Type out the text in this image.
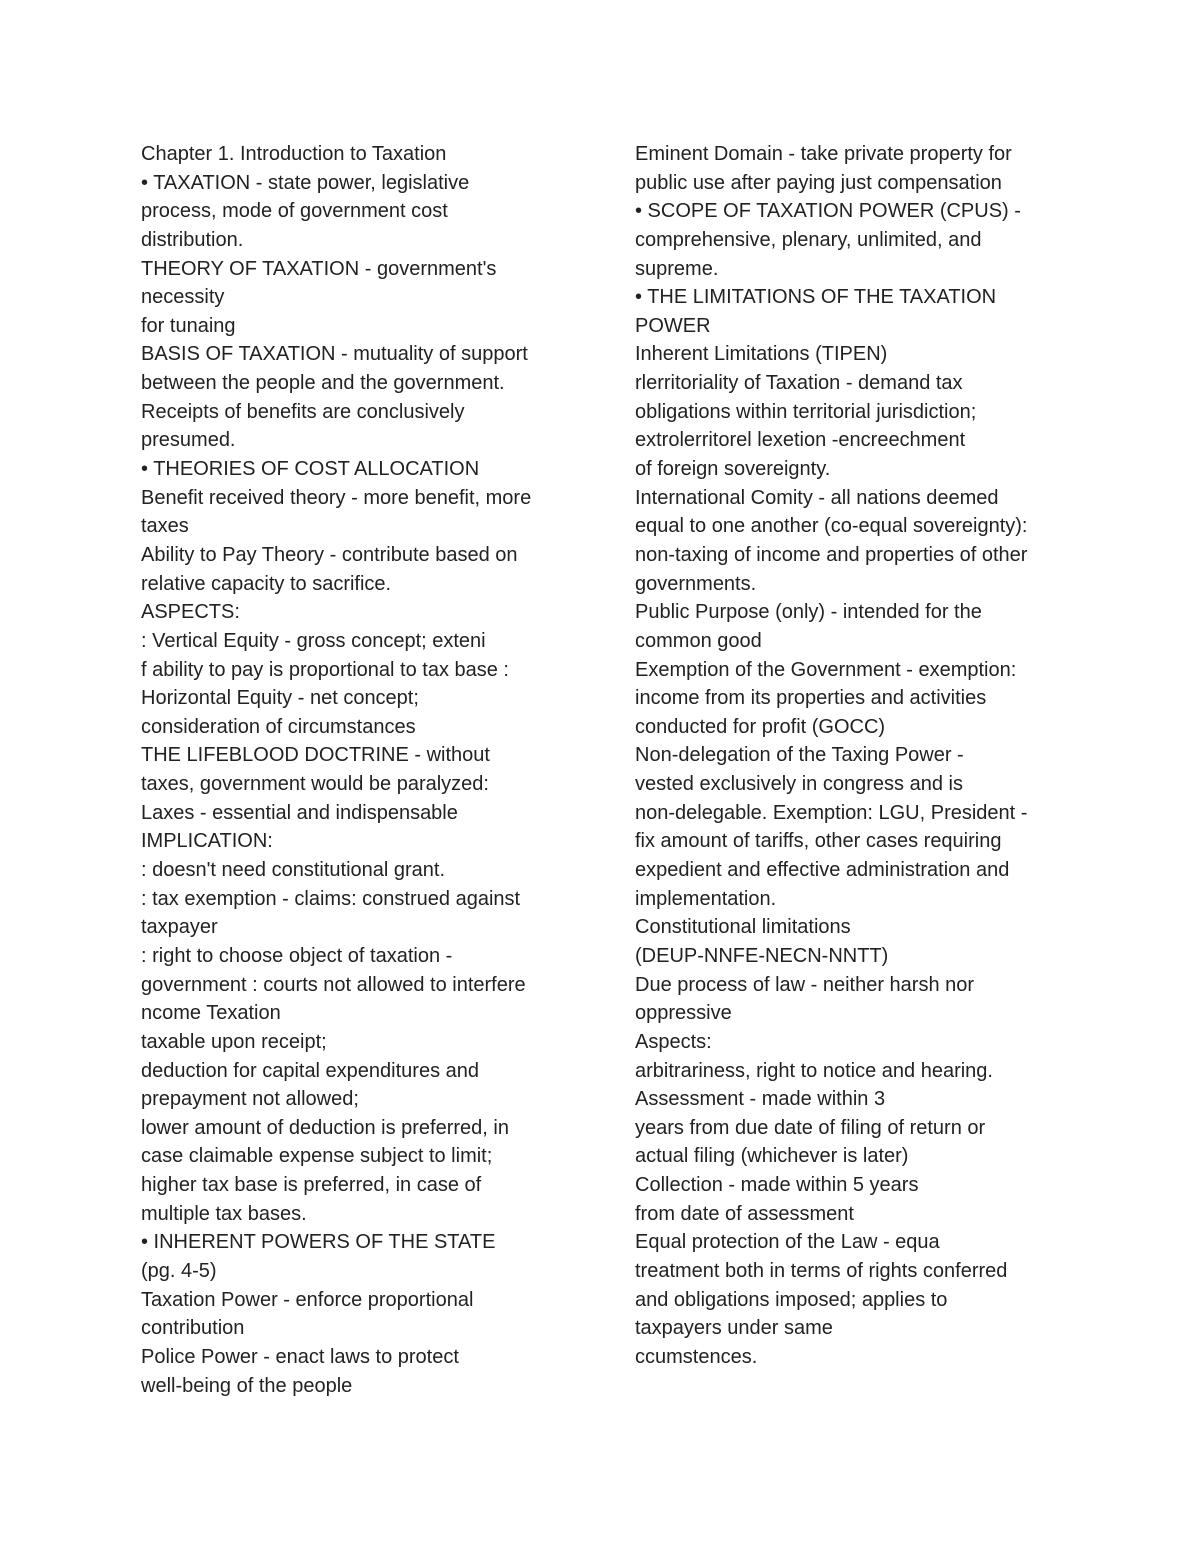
Chapter 1. Introduction to Taxation
• TAXATION - state power, legislative
process, mode of government cost
distribution.
THEORY OF TAXATION - government's
necessity
for tunaing
BASIS OF TAXATION - mutuality of support
between the people and the government.
Receipts of benefits are conclusively
presumed.
• THEORIES OF COST ALLOCATION
Benefit received theory - more benefit, more
taxes
Ability to Pay Theory - contribute based on
relative capacity to sacrifice.
ASPECTS:
: Vertical Equity - gross concept; exteni
f ability to pay is proportional to tax base :
Horizontal Equity - net concept;
consideration of circumstances
THE LIFEBLOOD DOCTRINE - without
taxes, government would be paralyzed:
Laxes - essential and indispensable
IMPLICATION:
: doesn't need constitutional grant.
: tax exemption - claims: construed against
taxpayer
: right to choose object of taxation -
government : courts not allowed to interfere
ncome Texation
taxable upon receipt;
deduction for capital expenditures and
prepayment not allowed;
lower amount of deduction is preferred, in
case claimable expense subject to limit;
higher tax base is preferred, in case of
multiple tax bases.
• INHERENT POWERS OF THE STATE
(pg. 4-5)
Taxation Power - enforce proportional
contribution
Police Power - enact laws to protect
well-being of the people
Eminent Domain - take private property for
public use after paying just compensation
• SCOPE OF TAXATION POWER (CPUS) -
comprehensive, plenary, unlimited, and
supreme.
• THE LIMITATIONS OF THE TAXATION
POWER
Inherent Limitations (TIPEN)
rlerritoriality of Taxation - demand tax
obligations within territorial jurisdiction;
extrolerritorel lexetion -encreechment
of foreign sovereignty.
International Comity - all nations deemed
equal to one another (co-equal sovereignty):
non-taxing of income and properties of other
governments.
Public Purpose (only) - intended for the
common good
Exemption of the Government - exemption:
income from its properties and activities
conducted for profit (GOCC)
Non-delegation of the Taxing Power -
vested exclusively in congress and is
non-delegable. Exemption: LGU, President -
fix amount of tariffs, other cases requiring
expedient and effective administration and
implementation.
Constitutional limitations
(DEUP-NNFE-NECN-NNTT)
Due process of law - neither harsh nor
oppressive
Aspects:
arbitrariness, right to notice and hearing.
Assessment - made within 3
years from due date of filing of return or
actual filing (whichever is later)
Collection - made within 5 years
from date of assessment
Equal protection of the Law - equa
treatment both in terms of rights conferred
and obligations imposed; applies to
taxpayers under same
ccumstences.
